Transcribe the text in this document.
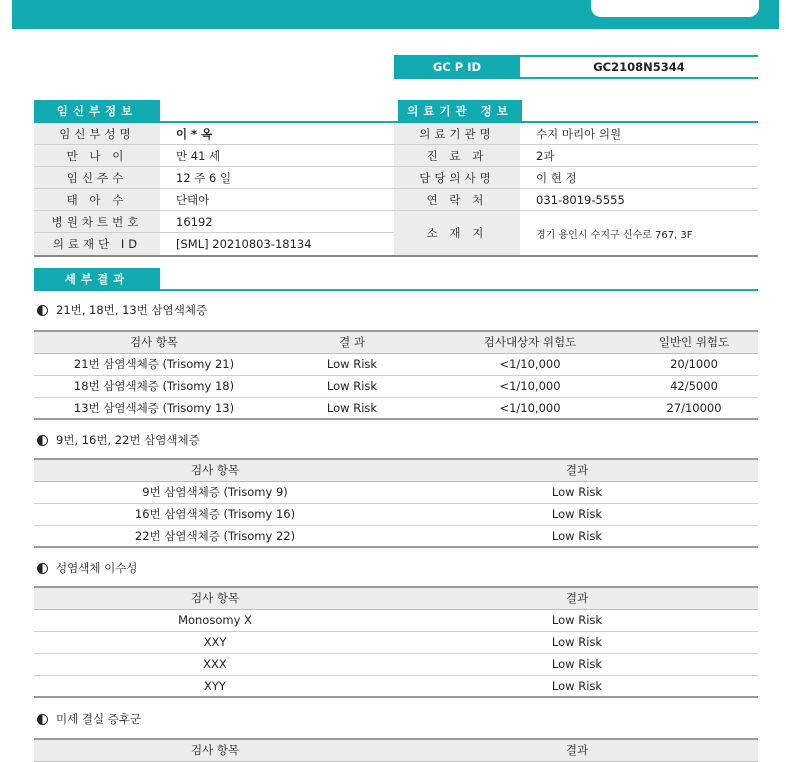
GC P ID	GC2108N5344
임신부정보
임신부성명	이 * 옥
만 나 이	만 41 세
임신주수	12 주 6 일
태 아 수	단태아
병원차트번호	16192
의료재단 ID	[SML] 20210803-18134
의료기관 정보
의료기관명	수지 마리아 의원
진 료 과	2과
담당의사명	이 현 정
연 락 처	031-8019-5555
소 재 지	경기 용인시 수지구 신수로 767, 3F
세부결과
21번, 18번, 13번 삼염색체증
검사 항목	결 과	검사대상자 위험도	일반인 위험도
21번 삼염색체증 (Trisomy 21)	Low Risk	<1/10,000	20/1000
18번 삼염색체증 (Trisomy 18)	Low Risk	<1/10,000	42/5000
13번 삼염색체증 (Trisomy 13)	Low Risk	<1/10,000	27/10000
9번, 16번, 22번 삼염색체증
검사 항목	결과
9번 삼염색체증 (Trisomy 9)	Low Risk
16번 삼염색체증 (Trisomy 16)	Low Risk
22번 삼염색체증 (Trisomy 22)	Low Risk
성염색체 이수성
검사 항목	결과
Monosomy X	Low Risk
XXY	Low Risk
XXX	Low Risk
XYY	Low Risk
미세 결실 증후군
검사 항목	결과
